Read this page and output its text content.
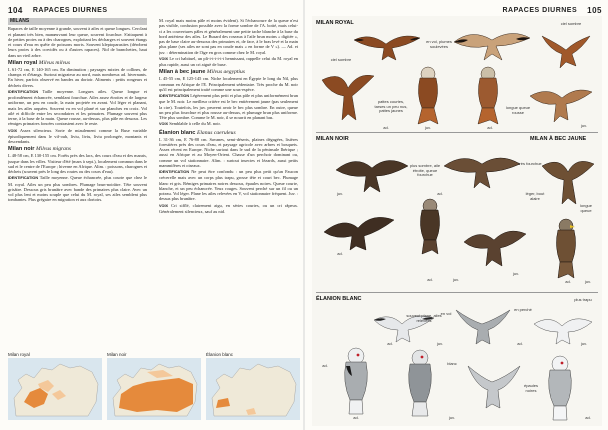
104 RAPACES DIURNES
MILANS

Rapaces de taille moyenne à grande, souvent à ailes et queue longues. Cerclant et planant très bien, manœuvrant leur queue, souvent fourchue. S'attaquent à de petites proies ou à des charognes, exploitant les décharges et souvent étangs et cours d'eau en quête de poissons morts. Souvent kleptoparasites (dérobent leurs proies à des corvidés ou à d'autres rapaces). Nid de branchettes, haut dans un vieil arbre.

Milan royal Milvus milvus

L 61-72 cm, E 140-165 cm. En diminution ; paysages mixtes de collines, de champs et d'étangs. Surtout migrateur au nord, mais nombreux ad. hivernants. En hiver, parfois observé en bandes au dortoir. Aliments : petits rongeurs et déchets divers.

IDENTIFICATION Taille moyenne. Longues ailes. Queue longue et profondément échancrée, semblant fourchue. Ailes assez étroites et de largeur uniforme, un peu en coude, la main projetée en avant. Vol léger et planant, mais les ailes arquées. Souvent vu en vol plané et sur planches en croix. Vol ailé et difficile entre les secondaires et les primaires. Plumage souvent plus terne, à la base de la main. Queue rousse, au-dessus, plus pâle en dessous. Les rémiges primaires foncées contrastent avec le reste.

VOIX Assez silencieux. Sorte de miaulement comme la Buse variable épisodiquement dans le vif-oub, liviu, liviu, liviu prolongée, montants et descendants.

Milan noir Milvus migrans

L 48-58 cm, E 130-155 cm. Forêts près des lacs, des cours d'eau et des marais, jusque dans les villes. Visiteur d'été (mars à sept.), localement commun dans le sud et le centre de l'Europe ; hiverne en Afrique. Alim. : poissons, charognes et déchets (souvent près le long des routes ou des cours d'eau).

IDENTIFICATION Taille moyenne. Queue échancrée, plus courte que chez le M. royal. Ailes un peu plus sombres. Plumage brun-noirâtre. Tête souvent grisâtre. Dessous gris brunâtre avec bande des primaires plus claire. Avec un vol plus lent et moins souple que celui du M. royal, ses ailes semblent plus tombantes. Plus grégaire en migration et aux dortoirs.

M. royal mais moins pâle et moins évident). Si l'échancrure de la queue n'est pas visible, confusion possible avec la forme sombre de l'A. botté, mais celui-ci a les couvertures pâles et généralement une petite tache blanche à la base du bord antérieur des ailes. Le Busard des roseaux à l'aile brun moins « digitée », pas de base claire au-dessous des primaires et, de face, à le bras levé et la main plus plane (ses ailes ne sont pas en coude mais « en forme de V »). — Ad. et juv. : détermination de l'âge en gros comme chez le M. royal.

VOIX Le cri habituel, un pli-i-i-i-i-i-i hennissant, rappelle celui du M. royal en plus rapide, aussi un cri aiguë de buse.

Milan à bec jaune Milvus aegyptius

L 45-55 cm, E 125-145 cm. Niche localement en Égypte le long du Nil, plus commun en Afrique de l'E. Principalement sédentaire. Très proche du M. noir qu'il est principalement traité comme une sous-espèce.

IDENTIFICATION Légèrement plus petit et plus pâle et plus uniformément brun que le M. noir. Le meilleur critère est le bec entièrement jaune (pas seulement la cire). Toutefois, les juv. peuvent avoir le bec plus sombre. En outre, queue un peu plus fourchue et plus rousse au-dessus, et plumage brun plus uniforme. Tête plus sombre. Comme le M. noir, il se nourrit en planant bas.

VOIX Semblable à celle du M. noir.

Élanion blanc Elanus caeruleus

L 31-36 cm, E 76-88 cm. Savanes, semi-déserts, plaines dégagées, lisières forestières près des cours d'eau, et paysage agricole avec arbres et bosquets. Assez récent en Europe. Niche surtout dans le sud de la péninsule Ibérique ; aussi en Afrique et au Moyen-Orient. Chasse d'un perchoir dominant ou, comme un vol stationnaire. Alim. : surtout insectes et lézards, aussi petits mammifères et oiseaux.

IDENTIFICATION Ne peut être confondu : un peu plus petit qu'un Faucon crécerelle mais avec un corps plus trapu, grosse tête et court bec. Plumage blanc et gris. Rémiges primaires noires dessous, épaules noires. Queue courte, blanche, et un peu échancrée. Yeux rouges. Souvent perché sur un fil ou un poteau. Vol léger. Plane les ailes relevées en V, vol stationnaire fréquent. Juv. : dessus plus brunâtre.

VOIX Cri sifflé, clairement aigu, en séries courtes, ou un cri râpeux. Généralement silencieux, sauf au nid.

Milan royal	Milan noir	Élanion blanc
RAPACES DIURNES 105
MILAN ROYAL
MILAN NOIR	MILAN À BEC JAUNE
ÉLANION BLANC
ciel sombre
en vol, plumes soulevées
ciel sombre
pattes courtes, tarses un peu nus, pattes jaunes
longue queue rousse
ad.	juv.	ad.	juv.
plus sombre, aile étroite, queue fourchue
très fourchue
léger, bout alaire
longue queue
juv.	ad.
ad.
ad.	juv.
juv.
ad.	juv.
souvent plane, ailes relevées
en vol
en perché
plus trapu
ad.	juv.	ad.	juv.
ad.	blanc
épaules noires
ad.	juv.	ad.
